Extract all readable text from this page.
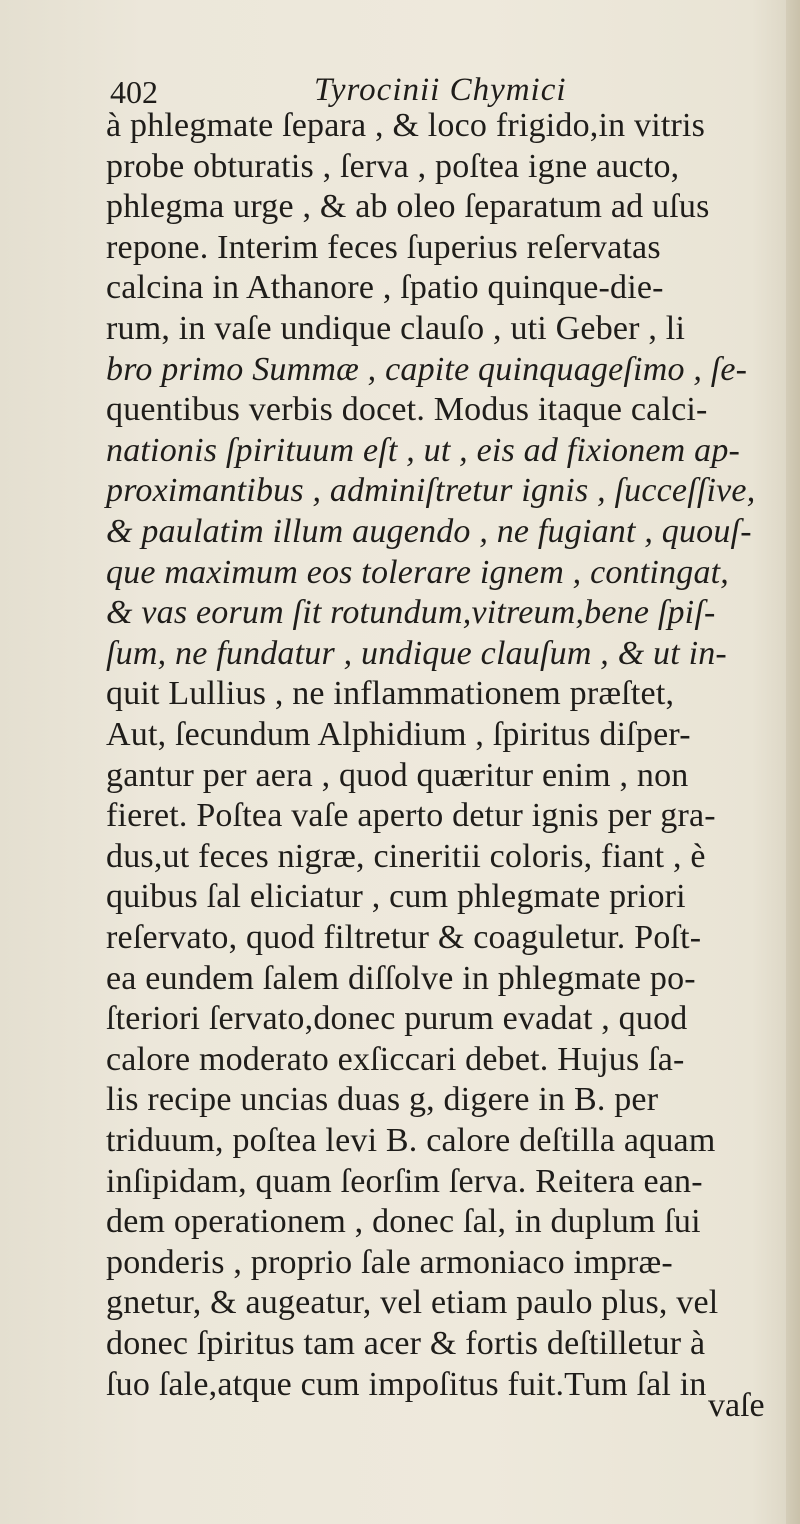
402	Tyrocinii Chymici
à phlegmate ſepara , & loco frigido,in vitris
probe obturatis , ſerva , poſtea igne aucto,
phlegma urge , & ab oleo ſeparatum ad uſus
repone. Interim feces ſuperius reſervatas
calcina in Athanore , ſpatio quinque-die-
rum, in vaſe undique clauſo , uti Geber , li
bro primo Summæ , capite quinquageſimo , ſe-
quentibus verbis docet. Modus itaque calci-
nationis ſpirituum eſt , ut , eis ad fixionem ap-
proximantibus , adminiſtretur ignis , ſucceſſive,
& paulatim illum augendo , ne fugiant , quouſ-
que maximum eos tolerare ignem , contingat,
& vas eorum ſit rotundum,vitreum,bene ſpiſ-
ſum, ne fundatur , undique clauſum , & ut in-
quit Lullius , ne inflammationem præſtet,
Aut, ſecundum Alphidium , ſpiritus diſper-
gantur per aera , quod quæritur enim , non
fieret. Poſtea vaſe aperto detur ignis per gra-
dus,ut feces nigræ, cineritii coloris, fiant , è
quibus ſal eliciatur , cum phlegmate priori
reſervato, quod filtretur & coaguletur. Poſt-
ea eundem ſalem diſſolve in phlegmate po-
ſteriori ſervato,donec purum evadat , quod
calore moderato exſiccari debet. Hujus ſa-
lis recipe uncias duas g, digere in B. per
triduum, poſtea levi B. calore deſtilla aquam
inſipidam, quam ſeorſim ſerva. Reitera ean-
dem operationem , donec ſal, in duplum ſui
ponderis , proprio ſale armoniaco impræ-
gnetur, & augeatur, vel etiam paulo plus, vel
donec ſpiritus tam acer & fortis deſtilletur à
ſuo ſale,atque cum impoſitus fuit.Tum ſal in
vaſe
